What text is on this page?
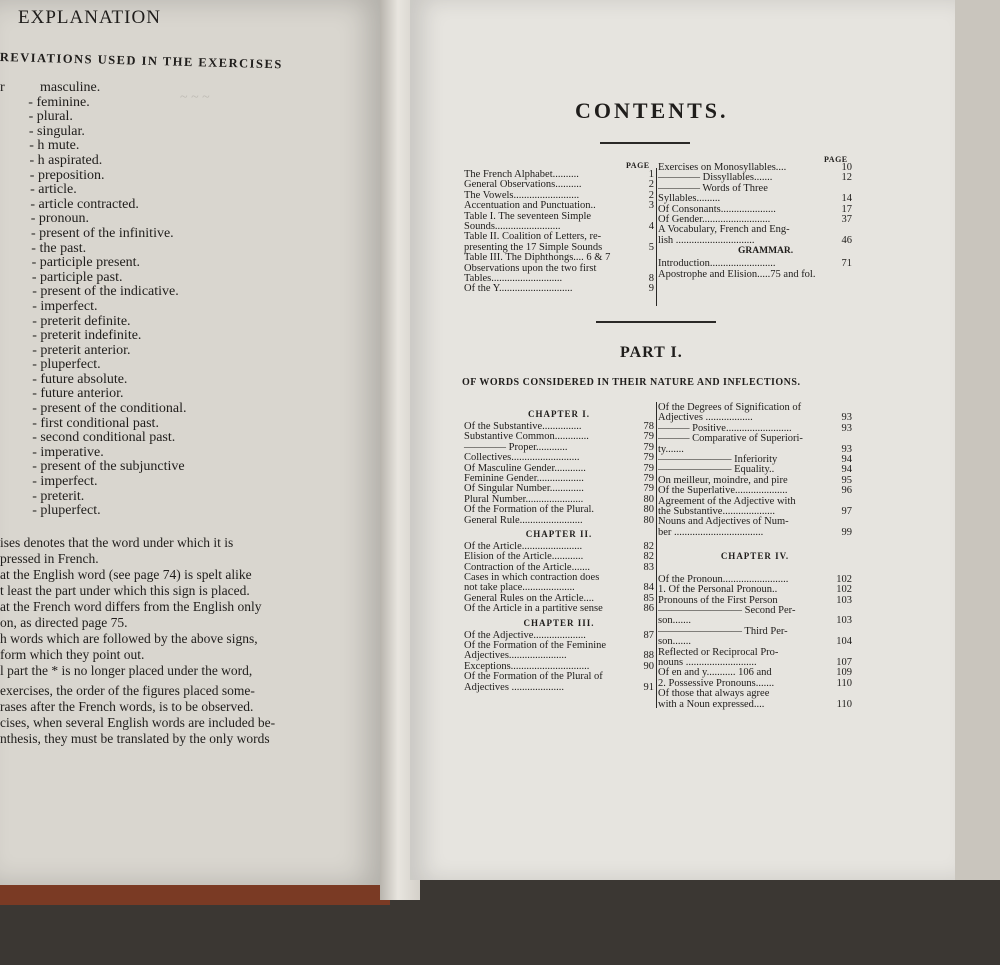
~ ~ ~
EXPLANATION
REVIATIONS USED IN THE EXERCISES
r	masculine.
- feminine.
- plural.
- singular.
- h mute.
- h aspirated.
- preposition.
- article.
- article contracted.
- pronoun.
- present of the infinitive.
- the past.
- participle present.
- participle past.
- present of the indicative.
- imperfect.
- preterit definite.
- preterit indefinite.
- preterit anterior.
- pluperfect.
- future absolute.
- future anterior.
- present of the conditional.
- first conditional past.
- second conditional past.
- imperative.
- present of the subjunctive
- imperfect.
- preterit.
- pluperfect.

ises denotes that the word under which it is

pressed in French.

at the English word (see page 74) is spelt alike

t least the part under which this sign is placed.

at the French word differs from the English only

on, as directed page 75.

h words which are followed by the above signs,

form which they point out.

l part the * is no longer placed under the word,

exercises, the order of the figures placed some-

rases after the French words, is to be observed.

cises, when several English words are included be-

nthesis, they must be translated by the only words

CONTENTS.
PAGE
PAGE
The French Alphabet..........	1
General Observations..........	2
The Vowels.........................	2
Accentuation and Punctuation..	3
Table I. The seventeen Simple
Sounds.........................	4
Table II. Coalition of Letters, re-
presenting the 17 Simple Sounds	5
Table III. The Diphthongs.... 6 & 7
Observations upon the two first
Tables...........................	8
Of the Y............................	9
Exercises on Monosyllables....	10
———— Dissyllables.......	12
———— Words of Three
Syllables.........	14
Of Consonants.....................	17
Of Gender..........................	37
A Vocabulary, French and Eng-
lish ..............................	46
GRAMMAR.
Introduction.........................	71
Apostrophe and Elision.....75 and fol.
PART I.
OF WORDS CONSIDERED IN THEIR NATURE AND INFLECTIONS.
CHAPTER I.
Of the Substantive...............	78
Substantive Common.............	79
———— Proper............	79
Collectives..........................	79
Of Masculine Gender............	79
Feminine Gender..................	79
Of Singular Number.............	79
Plural Number......................	80
Of the Formation of the Plural.	80
General Rule........................	80
CHAPTER II.
Of the Article.......................	82
Elision of the Article............	82
Contraction of the Article.......	83
Cases in which contraction does
not take place....................	84
General Rules on the Article....	85
Of the Article in a partitive sense	86
CHAPTER III.
Of the Adjective....................	87
Of the Formation of the Feminine
Adjectives......................	88
Exceptions..............................	90
Of the Formation of the Plural of
Adjectives ....................	91
Of the Degrees of Signification of
Adjectives ..................	93
——— Positive.........................	93
——— Comparative of Superiori-
ty.......	93
——————— Inferiority	94
——————— Equality..	94
On meilleur, moindre, and pire	95
Of the Superlative....................	96
Agreement of the Adjective with
the Substantive....................	97
Nouns and Adjectives of Num-
ber ..................................	99
CHAPTER IV.
Of the Pronoun.........................	102
1. Of the Personal Pronoun..	102
Pronouns of the First Person	103
———————— Second Per-
son.......	103
———————— Third Per-
son.......	104
Reflected or Reciprocal Pro-
nouns ...........................	107
Of en and y........... 106 and	109
2. Possessive Pronouns.......	110
Of those that always agree
with a Noun expressed....	110
